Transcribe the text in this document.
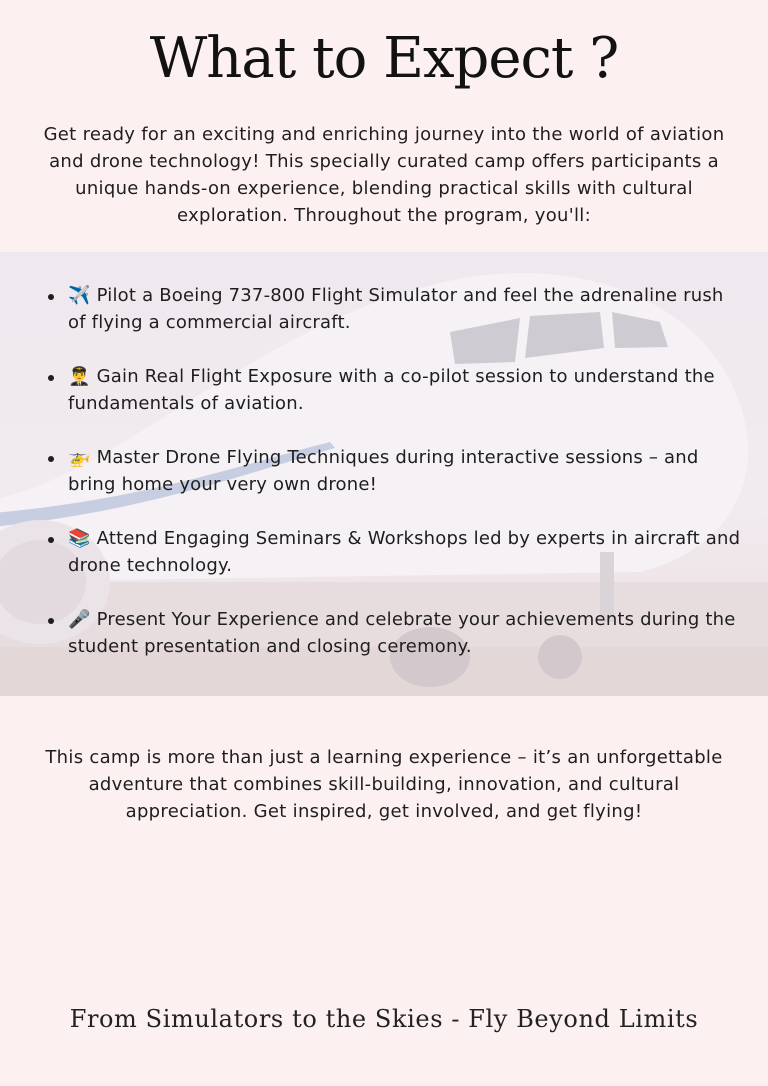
What to Expect ?

Get ready for an exciting and enriching journey into the world of aviation and drone technology! This specially curated camp offers participants a unique hands-on experience, blending practical skills with cultural exploration. Throughout the program, you'll:

✈️ Pilot a Boeing 737-800 Flight Simulator and feel the adrenaline rush of flying a commercial aircraft.
👨‍✈️ Gain Real Flight Exposure with a co-pilot session to understand the fundamentals of aviation.
🚁 Master Drone Flying Techniques during interactive sessions – and bring home your very own drone!
📚 Attend Engaging Seminars & Workshops led by experts in aircraft and drone technology.
🎤 Present Your Experience and celebrate your achievements during the student presentation and closing ceremony.

This camp is more than just a learning experience – it’s an unforgettable adventure that combines skill-building, innovation, and cultural appreciation. Get inspired, get involved, and get flying!

From Simulators to the Skies - Fly Beyond Limits
